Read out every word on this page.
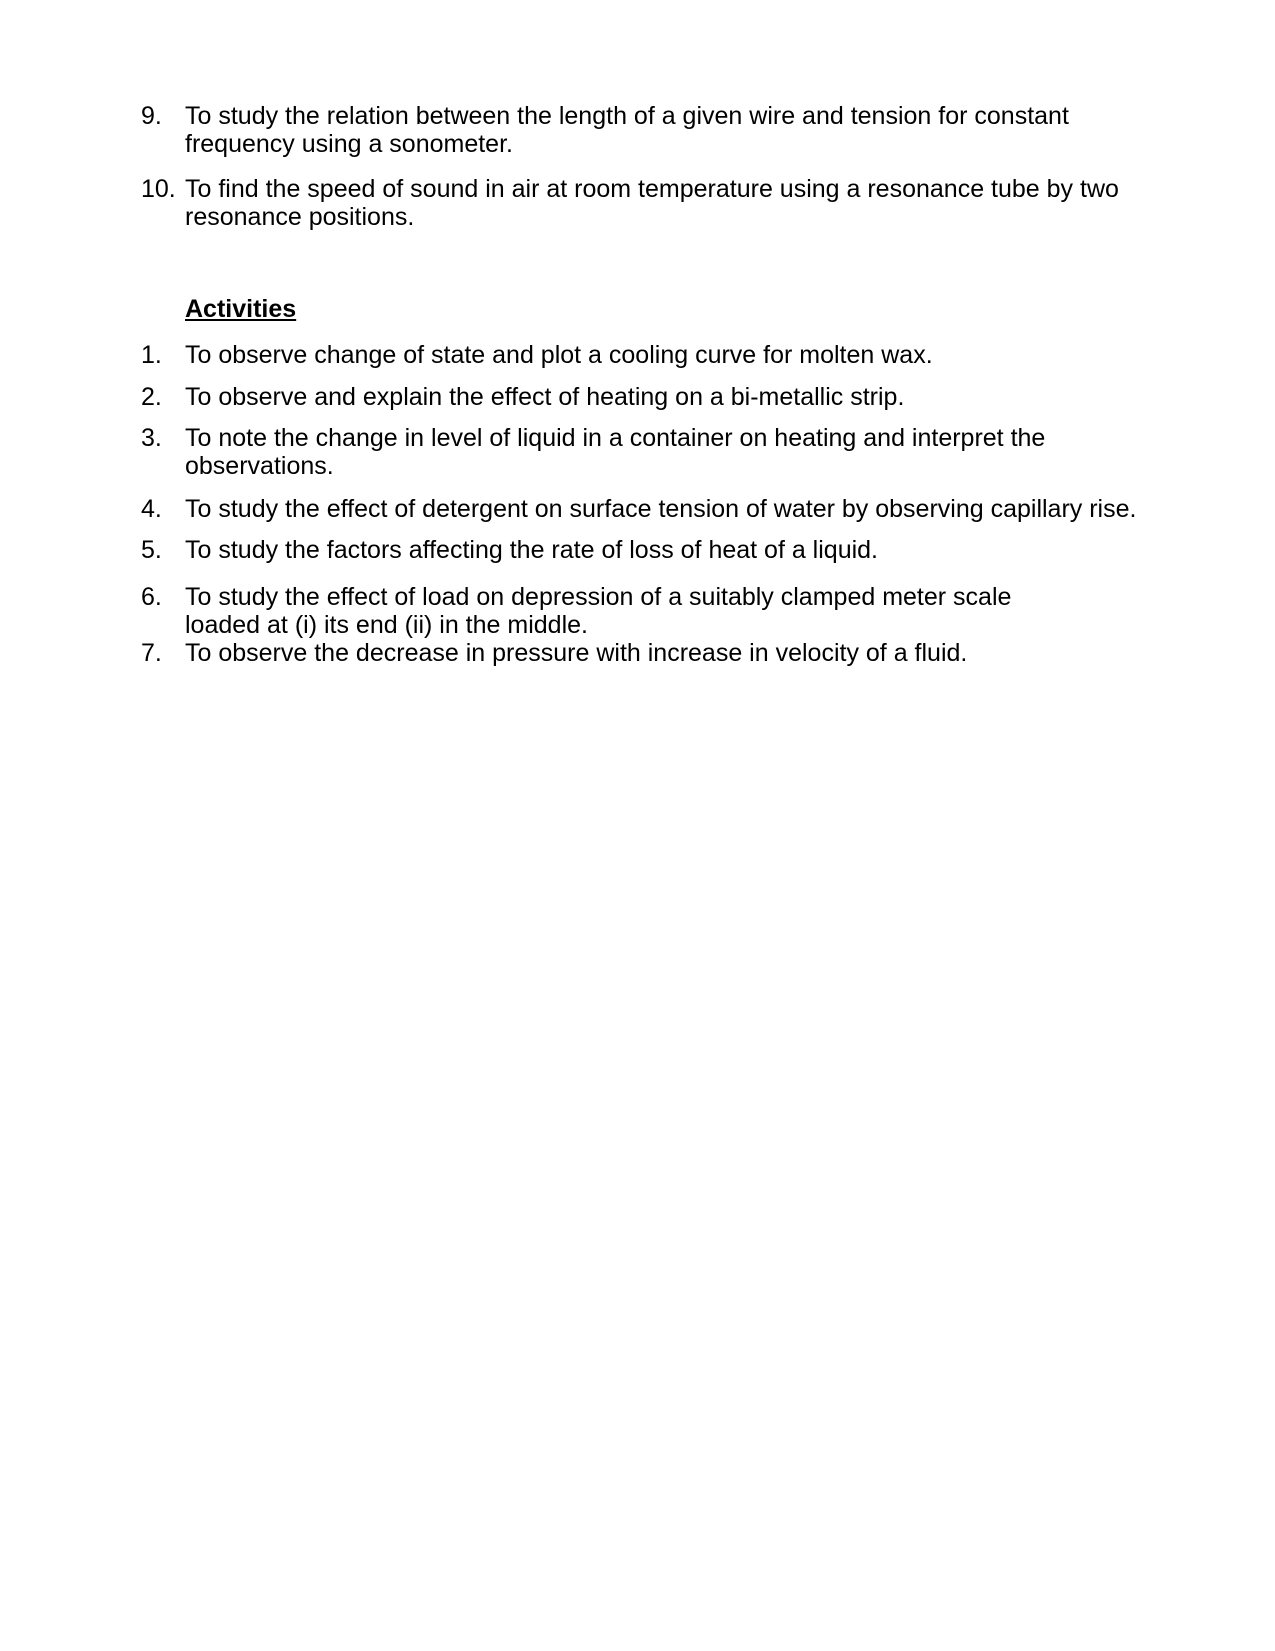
9. To study the relation between the length of a given wire and tension for constant
frequency using a sonometer.
10. To find the speed of sound in air at room temperature using a resonance tube by two
resonance positions.
Activities
1. To observe change of state and plot a cooling curve for molten wax.
2. To observe and explain the effect of heating on a bi-metallic strip.
3. To note the change in level of liquid in a container on heating and interpret the
observations.
4. To study the effect of detergent on surface tension of water by observing capillary rise.
5. To study the factors affecting the rate of loss of heat of a liquid.
6. To study the effect of load on depression of a suitably clamped meter scale
loaded at (i) its end (ii) in the middle.
7. To observe the decrease in pressure with increase in velocity of a fluid.
